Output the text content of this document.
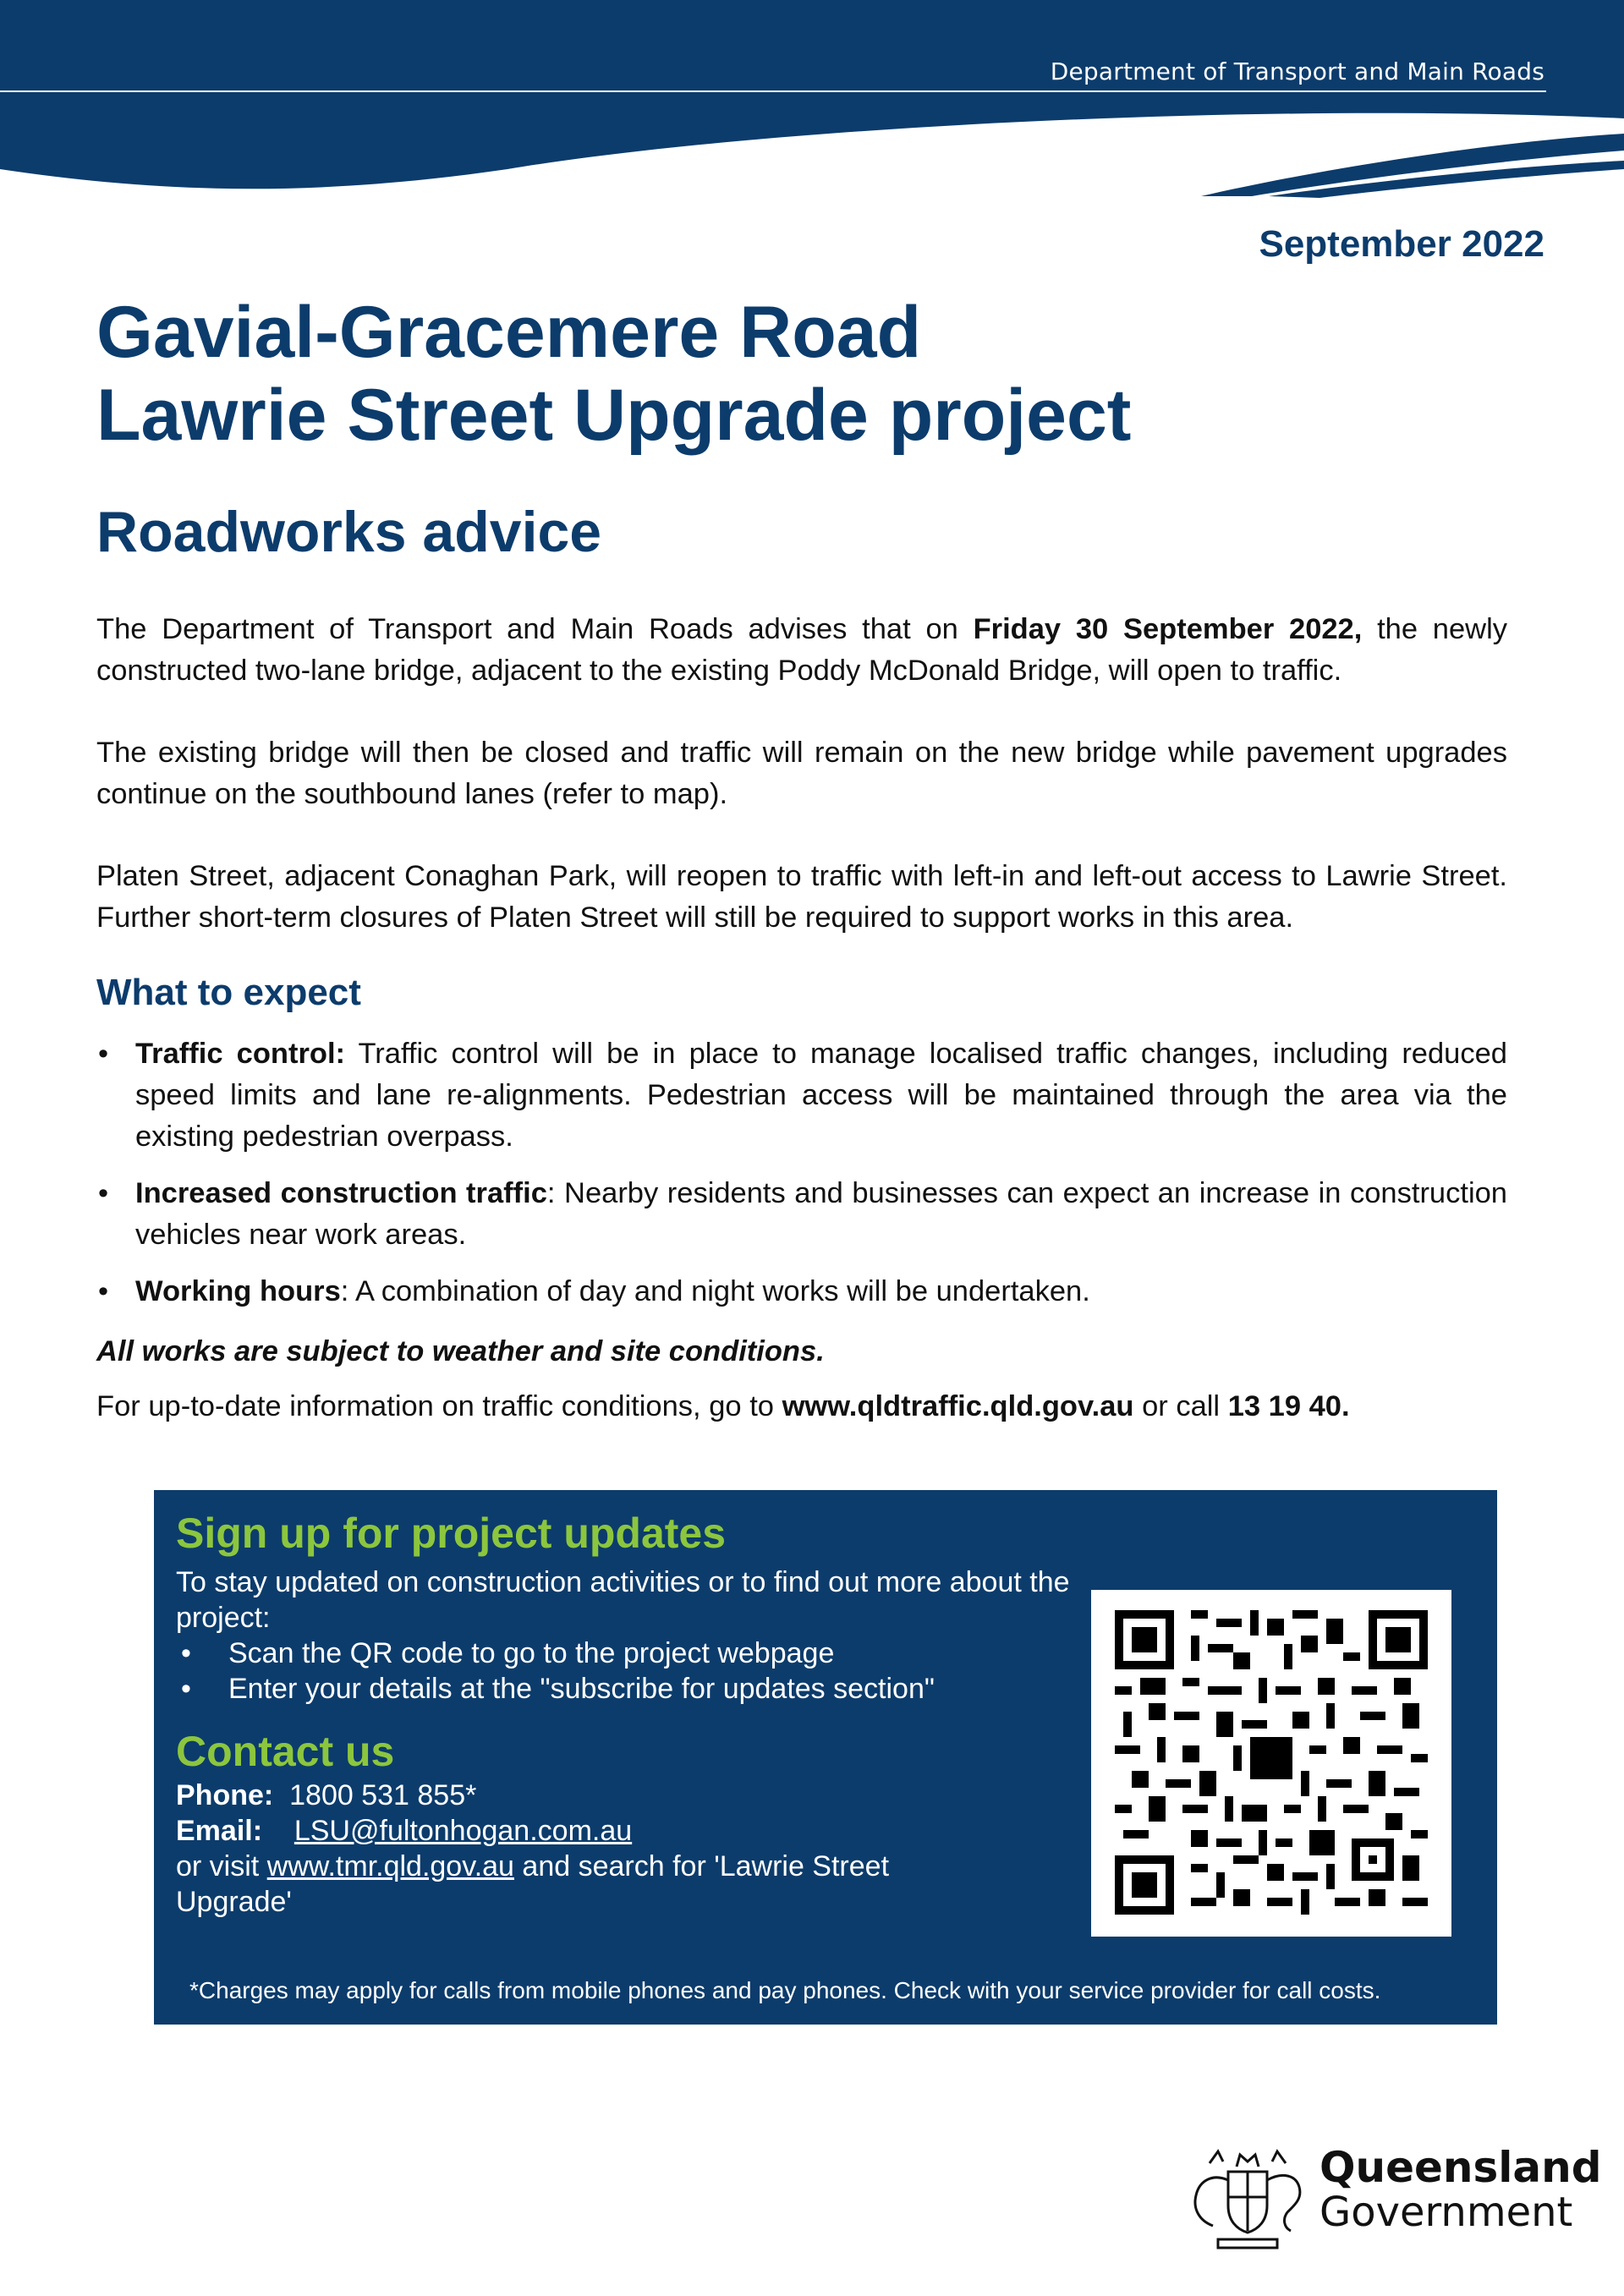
Department of Transport and Main Roads
September 2022
Gavial-Gracemere Road
Lawrie Street Upgrade project
Roadworks advice

The Department of Transport and Main Roads advises that on Friday 30 September 2022, the newly constructed two-lane bridge, adjacent to the existing Poddy McDonald Bridge, will open to traffic.

The existing bridge will then be closed and traffic will remain on the new bridge while pavement upgrades continue on the southbound lanes (refer to map).

Platen Street, adjacent Conaghan Park, will reopen to traffic with left-in and left-out access to Lawrie Street. Further short-term closures of Platen Street will still be required to support works in this area.

What to expect
• Traffic control: Traffic control will be in place to manage localised traffic changes, including reduced speed limits and lane re-alignments. Pedestrian access will be maintained through the area via the existing pedestrian overpass.
• Increased construction traffic: Nearby residents and businesses can expect an increase in construction vehicles near work areas.
• Working hours: A combination of day and night works will be undertaken.

All works are subject to weather and site conditions.

For up-to-date information on traffic conditions, go to www.qldtraffic.qld.gov.au or call 13 19 40.

Sign up for project updates
To stay updated on construction activities or to find out more about the project:
• Scan the QR code to go to the project webpage
• Enter your details at the "subscribe for updates section"
Contact us
Phone: 1800 531 855*
Email: LSU@fultonhogan.com.au
or visit www.tmr.qld.gov.au and search for 'Lawrie Street Upgrade'
*Charges may apply for calls from mobile phones and pay phones. Check with your service provider for call costs.
Queensland
Government
